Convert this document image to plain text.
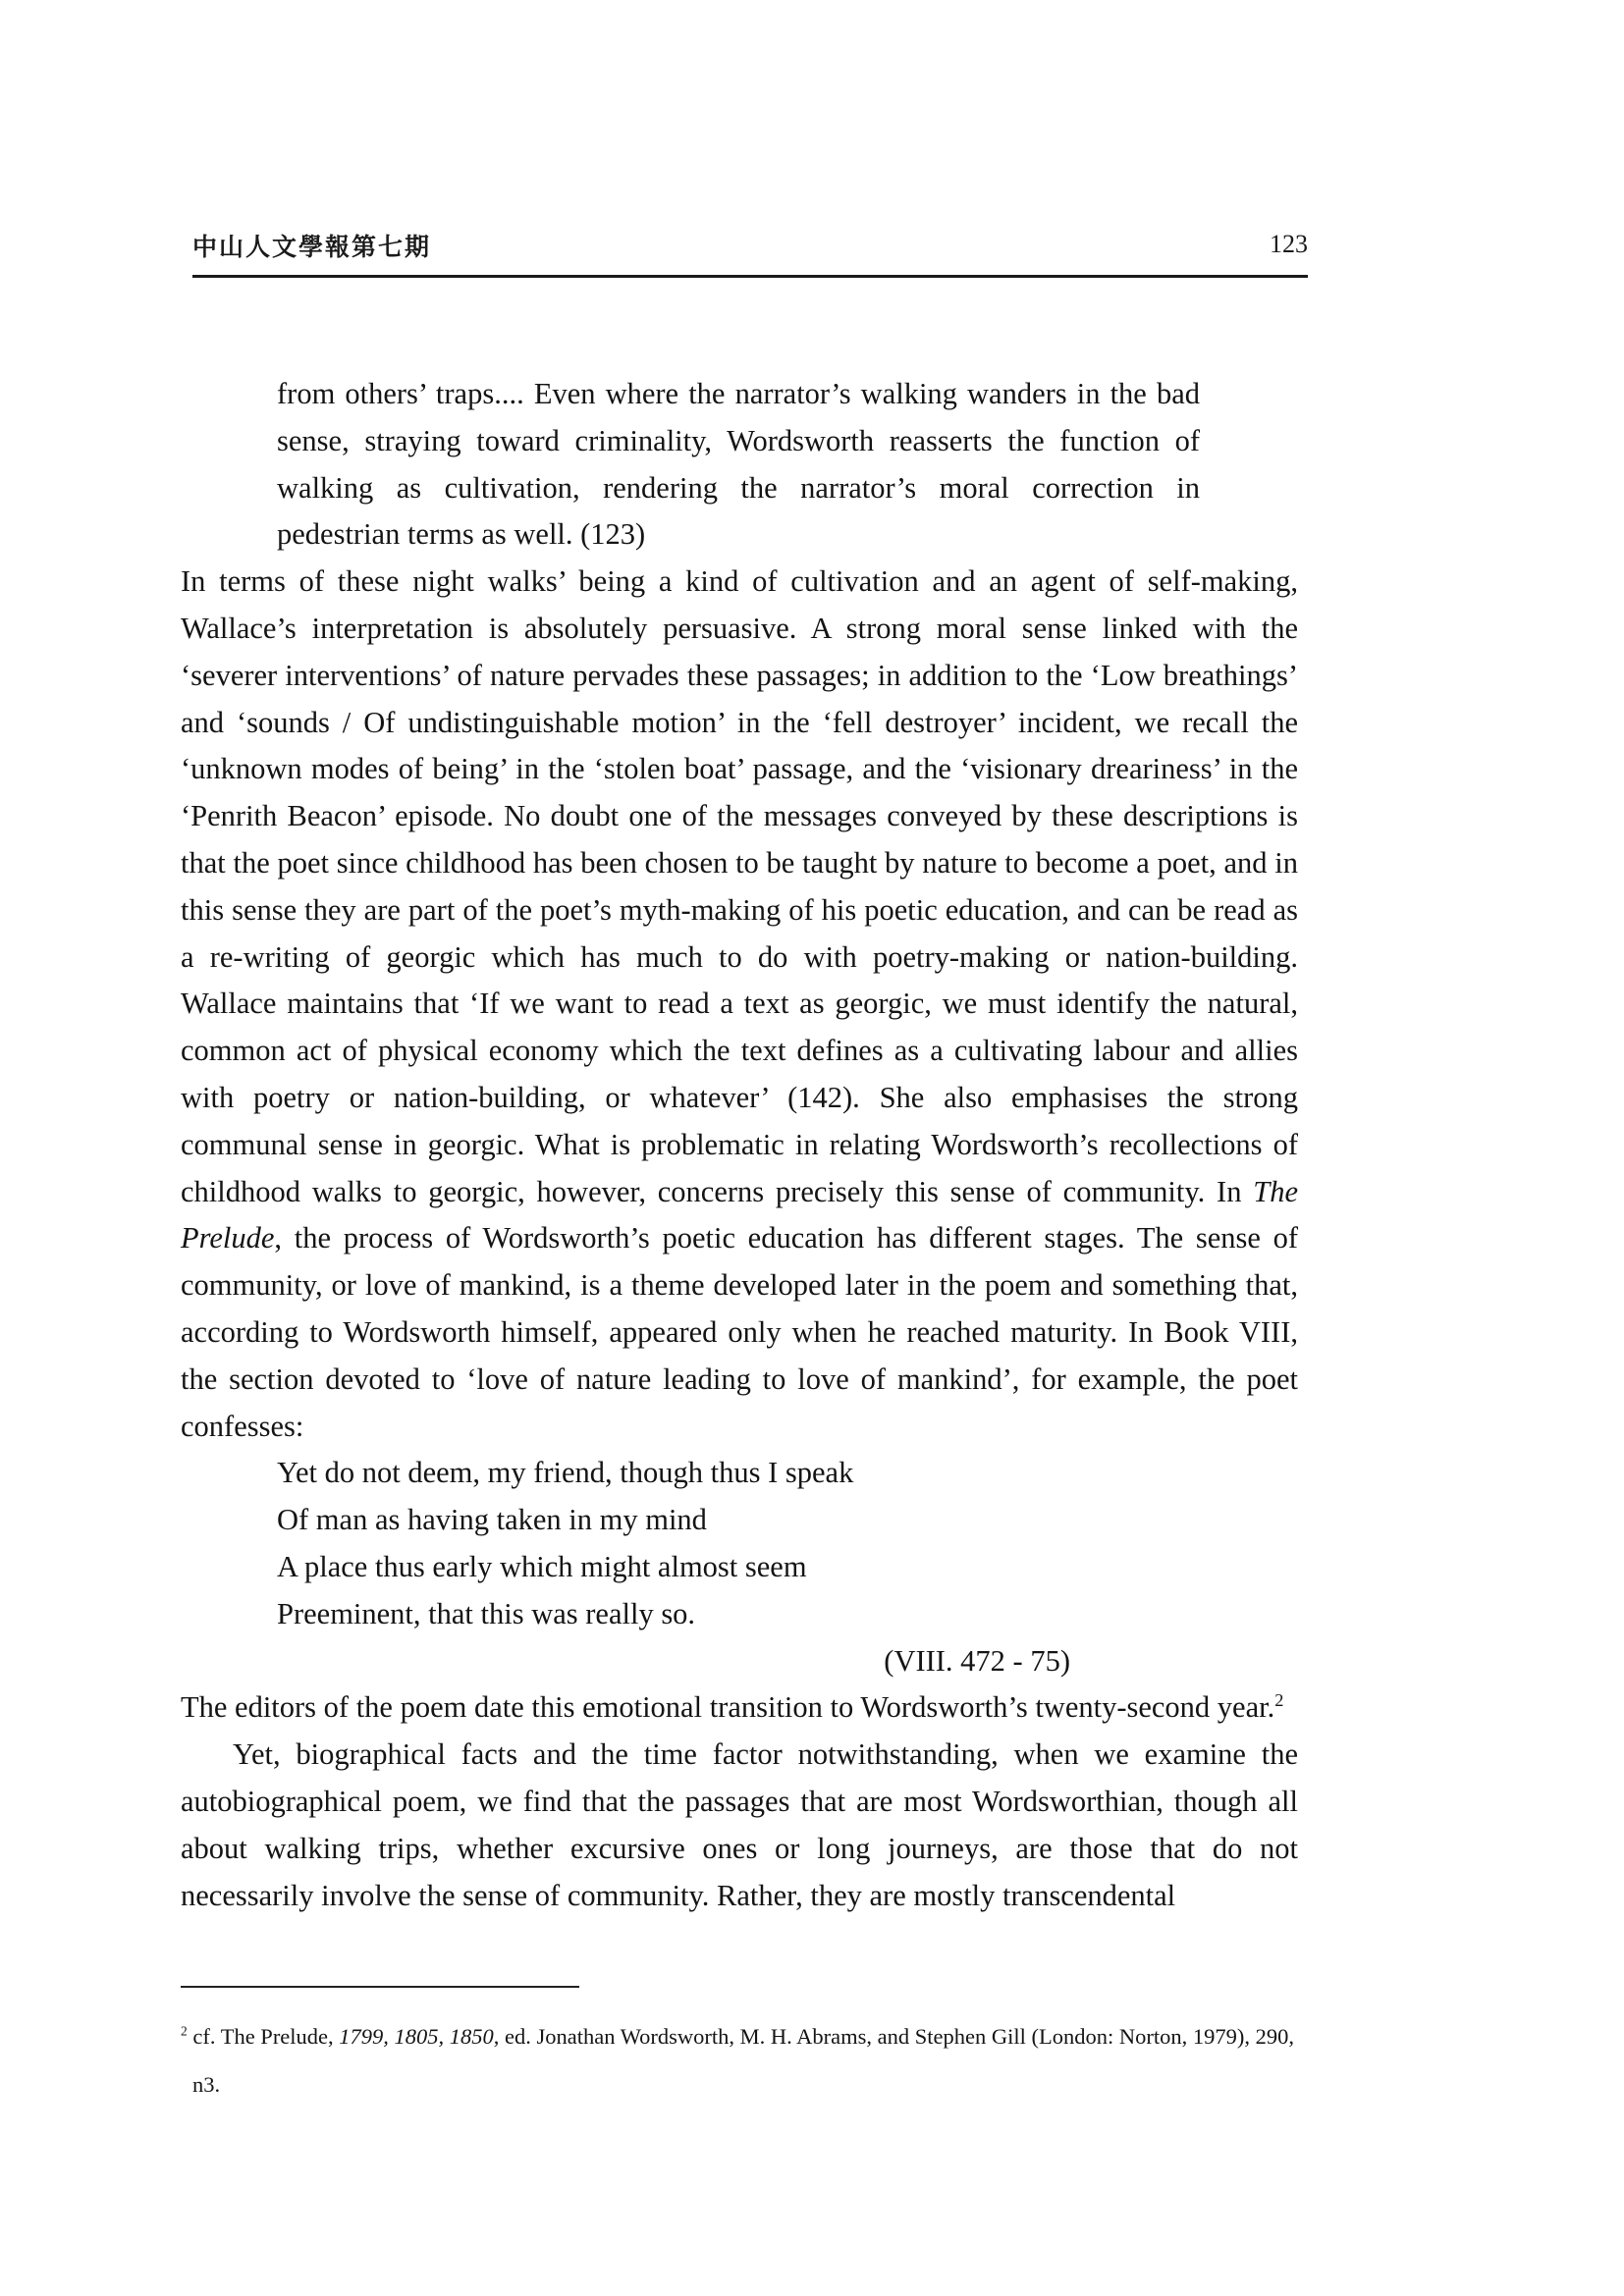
中山人文學報第七期	123

from others’ traps.... Even where the narrator’s walking wanders in the bad sense, straying toward criminality, Wordsworth reasserts the function of walking as cultivation, rendering the narrator’s moral correction in pedestrian terms as well. (123)

In terms of these night walks’ being a kind of cultivation and an agent of self-making, Wallace’s interpretation is absolutely persuasive. A strong moral sense linked with the ‘severer interventions’ of nature pervades these passages; in addition to the ‘Low breathings’ and ‘sounds / Of undistinguishable motion’ in the ‘fell destroyer’ incident, we recall the ‘unknown modes of being’ in the ‘stolen boat’ passage, and the ‘visionary dreariness’ in the ‘Penrith Beacon’ episode. No doubt one of the messages conveyed by these descriptions is that the poet since childhood has been chosen to be taught by nature to become a poet, and in this sense they are part of the poet’s myth-making of his poetic education, and can be read as a re-writing of georgic which has much to do with poetry-making or nation-building. Wallace maintains that ‘If we want to read a text as georgic, we must identify the natural, common act of physical economy which the text defines as a cultivating labour and allies with poetry or nation-building, or whatever’ (142). She also emphasises the strong communal sense in georgic. What is problematic in relating Wordsworth’s recollections of childhood walks to georgic, however, concerns precisely this sense of community. In The Prelude, the process of Wordsworth’s poetic education has different stages. The sense of community, or love of mankind, is a theme developed later in the poem and something that, according to Wordsworth himself, appeared only when he reached maturity. In Book VIII, the section devoted to ‘love of nature leading to love of mankind’, for example, the poet confesses:

Yet do not deem, my friend, though thus I speak
Of man as having taken in my mind
A place thus early which might almost seem
Preeminent, that this was really so.
(VIII. 472 - 75)

The editors of the poem date this emotional transition to Wordsworth’s twenty-second year.$^2$

Yet, biographical facts and the time factor notwithstanding, when we examine the autobiographical poem, we find that the passages that are most Wordsworthian, though all about walking trips, whether excursive ones or long journeys, are those that do not necessarily involve the sense of community. Rather, they are mostly transcendental

$^2$ cf. The Prelude, 1799, 1805, 1850, ed. Jonathan Wordsworth, M. H. Abrams, and Stephen Gill (London: Norton, 1979), 290,
n3.
